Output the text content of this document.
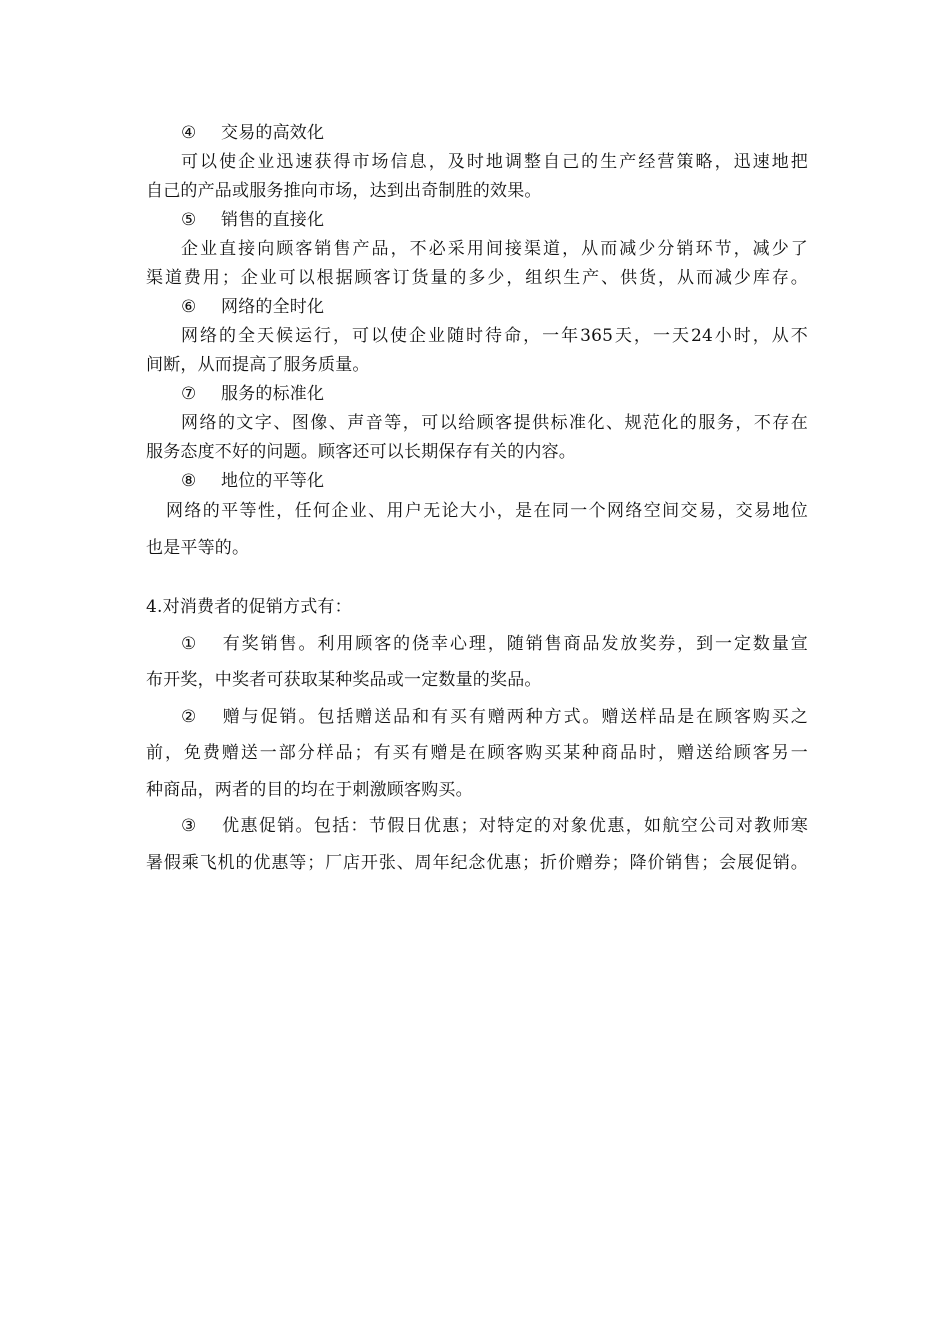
④ 交易的高效化
可以使企业迅速获得市场信息，及时地调整自己的生产经营策略，迅速地把
自己的产品或服务推向市场，达到出奇制胜的效果。
⑤ 销售的直接化
企业直接向顾客销售产品，不必采用间接渠道，从而减少分销环节，减少了
渠道费用；企业可以根据顾客订货量的多少，组织生产、供货，从而减少库存。
⑥ 网络的全时化
网络的全天候运行，可以使企业随时待命，一年365天，一天24小时，从不
间断，从而提高了服务质量。
⑦ 服务的标准化
网络的文字、图像、声音等，可以给顾客提供标准化、规范化的服务，不存在
服务态度不好的问题。顾客还可以长期保存有关的内容。
⑧ 地位的平等化
网络的平等性，任何企业、用户无论大小，是在同一个网络空间交易，交易地位
也是平等的。
4.对消费者的促销方式有：
① 有奖销售。利用顾客的侥幸心理，随销售商品发放奖券，到一定数量宣
布开奖，中奖者可获取某种奖品或一定数量的奖品。
② 赠与促销。包括赠送品和有买有赠两种方式。赠送样品是在顾客购买之
前，免费赠送一部分样品；有买有赠是在顾客购买某种商品时，赠送给顾客另一
种商品，两者的目的均在于刺激顾客购买。
③ 优惠促销。包括：节假日优惠；对特定的对象优惠，如航空公司对教师寒
暑假乘飞机的优惠等；厂店开张、周年纪念优惠；折价赠券；降价销售；会展促销。
